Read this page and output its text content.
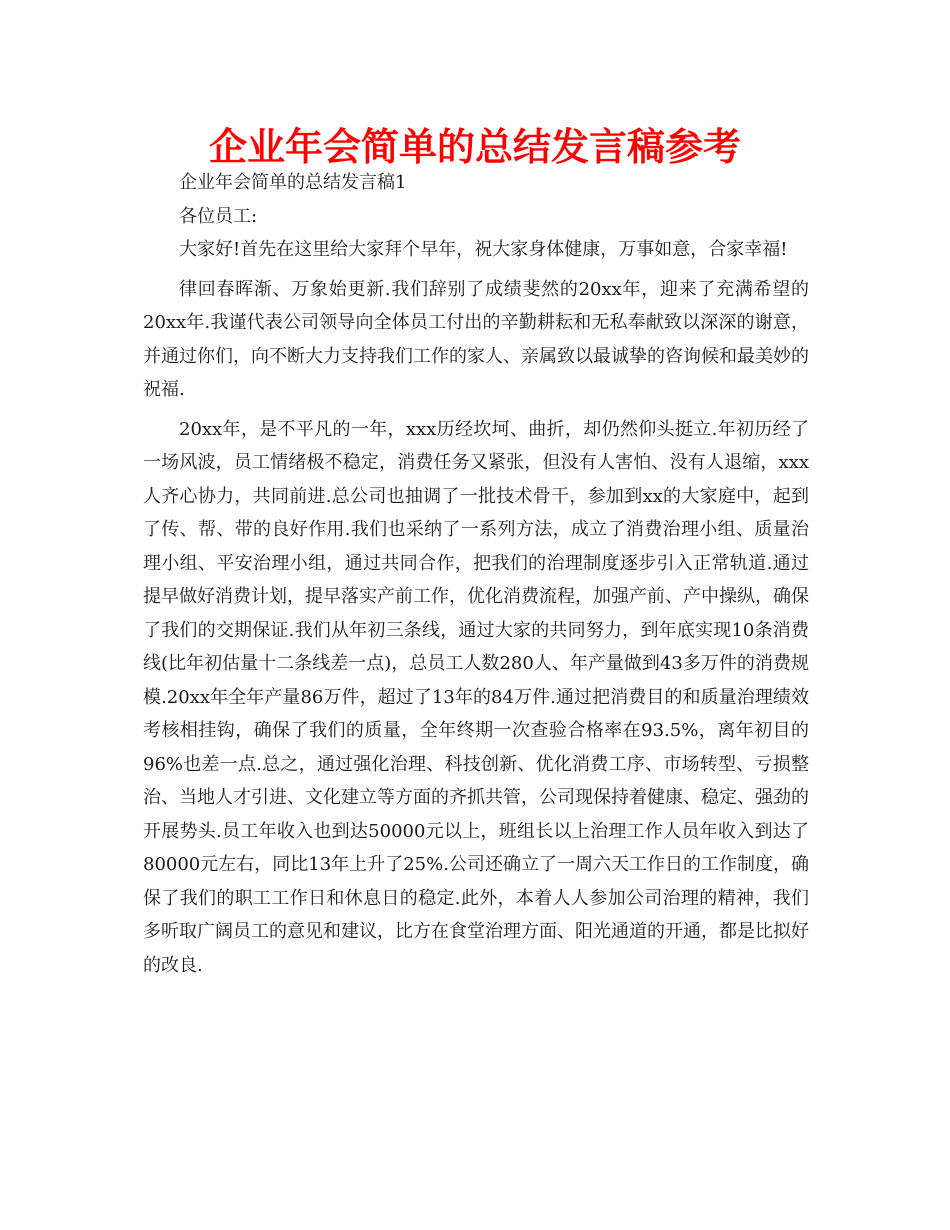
企业年会简单的总结发言稿参考

企业年会简单的总结发言稿1

各位员工:

大家好!首先在这里给大家拜个早年，祝大家身体健康，万事如意，合家幸福!

律回春晖渐、万象始更新.我们辞别了成绩斐然的20xx年，迎来了充满希望的20xx年.我谨代表公司领导向全体员工付出的辛勤耕耘和无私奉献致以深深的谢意，并通过你们，向不断大力支持我们工作的家人、亲属致以最诚挚的咨询候和最美妙的祝福.

20xx年，是不平凡的一年，xxx历经坎坷、曲折，却仍然仰头挺立.年初历经了一场风波，员工情绪极不稳定，消费任务又紧张，但没有人害怕、没有人退缩，xxx人齐心协力，共同前进.总公司也抽调了一批技术骨干，参加到xx的大家庭中，起到了传、帮、带的良好作用.我们也采纳了一系列方法，成立了消费治理小组、质量治理小组、平安治理小组，通过共同合作，把我们的治理制度逐步引入正常轨道.通过提早做好消费计划，提早落实产前工作，优化消费流程，加强产前、产中操纵，确保了我们的交期保证.我们从年初三条线，通过大家的共同努力，到年底实现10条消费线(比年初估量十二条线差一点)，总员工人数280人、年产量做到43多万件的消费规模.20xx年全年产量86万件，超过了13年的84万件.通过把消费目的和质量治理绩效考核相挂钩，确保了我们的质量，全年终期一次查验合格率在93.5%，离年初目的96%也差一点.总之，通过强化治理、科技创新、优化消费工序、市场转型、亏损整治、当地人才引进、文化建立等方面的齐抓共管，公司现保持着健康、稳定、强劲的开展势头.员工年收入也到达50000元以上，班组长以上治理工作人员年收入到达了80000元左右，同比13年上升了25%.公司还确立了一周六天工作日的工作制度，确保了我们的职工工作日和休息日的稳定.此外，本着人人参加公司治理的精神，我们多听取广阔员工的意见和建议，比方在食堂治理方面、阳光通道的开通，都是比拟好的改良.
